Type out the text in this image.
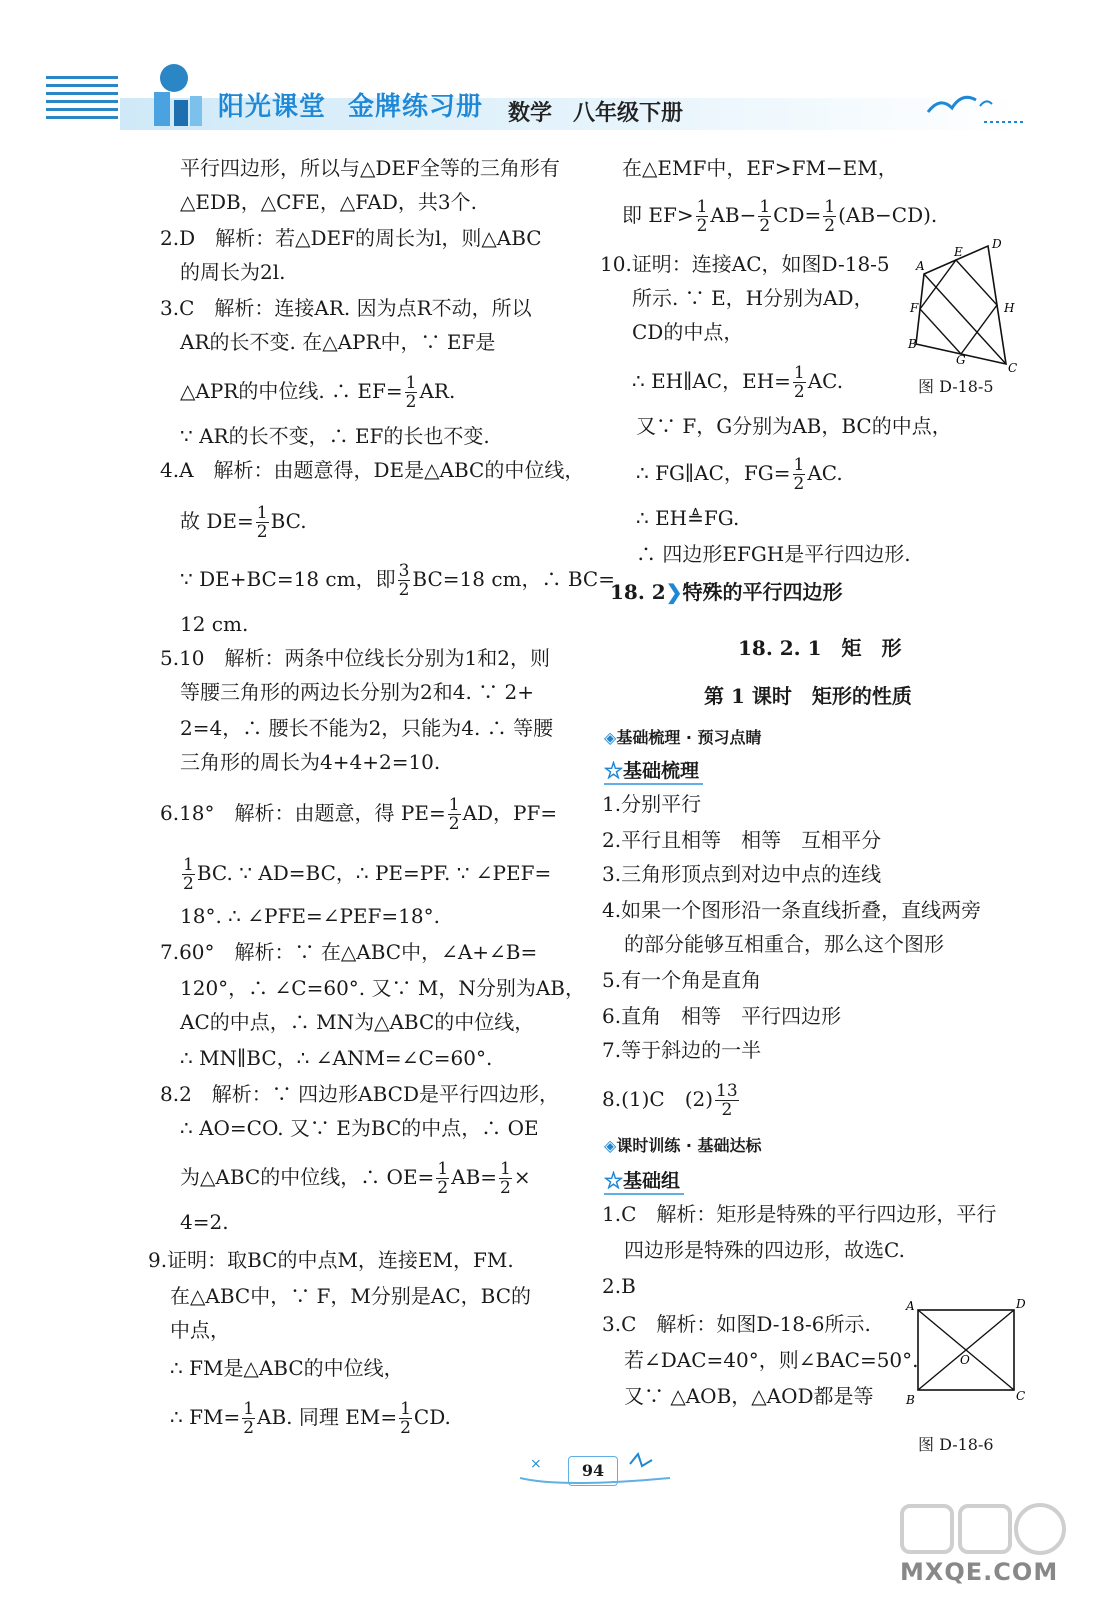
阳光课堂 金牌练习册 数学 八年级下册
平行四边形，所以与△DEF全等的三角形有
△EDB，△CFE，△FAD，共3个.
2.D　解析：若△DEF的周长为l，则△ABC
的周长为2l.
3.C　解析：连接AR. 因为点R不动，所以
AR的长不变. 在△APR中，∵ EF是
△APR的中位线. ∴ $EF= \frac{1}{2}$ AR.
∵ AR的长不变，∴ EF的长也不变.
4.A　解析：由题意得，DE是△ABC的中位线，
故 $DE= \frac{1}{2}$ BC.
∵ DE+BC=18 cm，即 $\frac{3}{2} BC=18$ cm，∴ BC=
12 cm.
5.10　解析：两条中位线长分别为1和2，则
等腰三角形的两边长分别为2和4. ∵ 2+
2=4，∴ 腰长不能为2，只能为4. ∴ 等腰
三角形的周长为4+4+2=10.
6.18°　解析：由题意，得 $PE= \frac{1}{2}$ AD，PF=
$\frac{1}{2}$ BC. ∵ AD=BC，∴ PE=PF. ∵ ∠PEF=
18°. ∴ ∠PFE=∠PEF=18°.
7.60°　解析：∵ 在△ABC中，∠A+∠B=
120°，∴ ∠C=60°. 又∵ M，N分别为AB，
AC的中点，∴ MN为△ABC的中位线，
∴ MN∥BC，∴ ∠ANM=∠C=60°.
8.2　解析：∵ 四边形ABCD是平行四边形，
∴ AO=CO. 又∵ E为BC的中点，∴ OE
为△ABC的中位线，∴ $OE= \frac{1}{2} AB= \frac{1}{2}$ ×
4=2.
9.证明：取BC的中点M，连接EM，FM.
在△ABC中，∵ F，M分别是AC，BC的
中点，
∴ FM是△ABC的中位线，
∴ $FM= \frac{1}{2}$ AB. 同理 $EM= \frac{1}{2}$ CD.
在△EMF中，EF>FM−EM，
即 $EF> \frac{1}{2} AB- \frac{1}{2} CD= \frac{1}{2} (AB-CD)$.
10.证明：连接AC，如图D-18-5
所示. ∵ E，H分别为AD，
CD的中点，
∴ EH∥AC，$EH= \frac{1}{2}$ AC.
A
E
D
F	H
B
G
C
图 D-18-5
又∵ F，G分别为AB，BC的中点，
∴ FG∥AC，$FG= \frac{1}{2}$ AC.
∴ EH≜FG.
∴ 四边形EFGH是平行四边形.
18. 2❯特殊的平行四边形
18. 2. 1　矩　形
第 1 课时　矩形的性质
◈基础梳理 · 预习点睛
☆基础梳理
1.分别平行
2.平行且相等　相等　互相平分
3.三角形顶点到对边中点的连线
4.如果一个图形沿一条直线折叠，直线两旁
的部分能够互相重合，那么这个图形
5.有一个角是直角
6.直角　相等　平行四边形
7.等于斜边的一半
8.(1)C　$(2) \frac{13}{2}$
◈课时训练 · 基础达标
☆基础组
1.C　解析：矩形是特殊的平行四边形，平行
四边形是特殊的四边形，故选C.
2.B
3.C　解析：如图D-18-6所示.
若∠DAC=40°，则∠BAC=50°.
又∵ △AOB，△AOD都是等
A	D
O
B	C
图 D-18-6
×	94
MXQE.COM
